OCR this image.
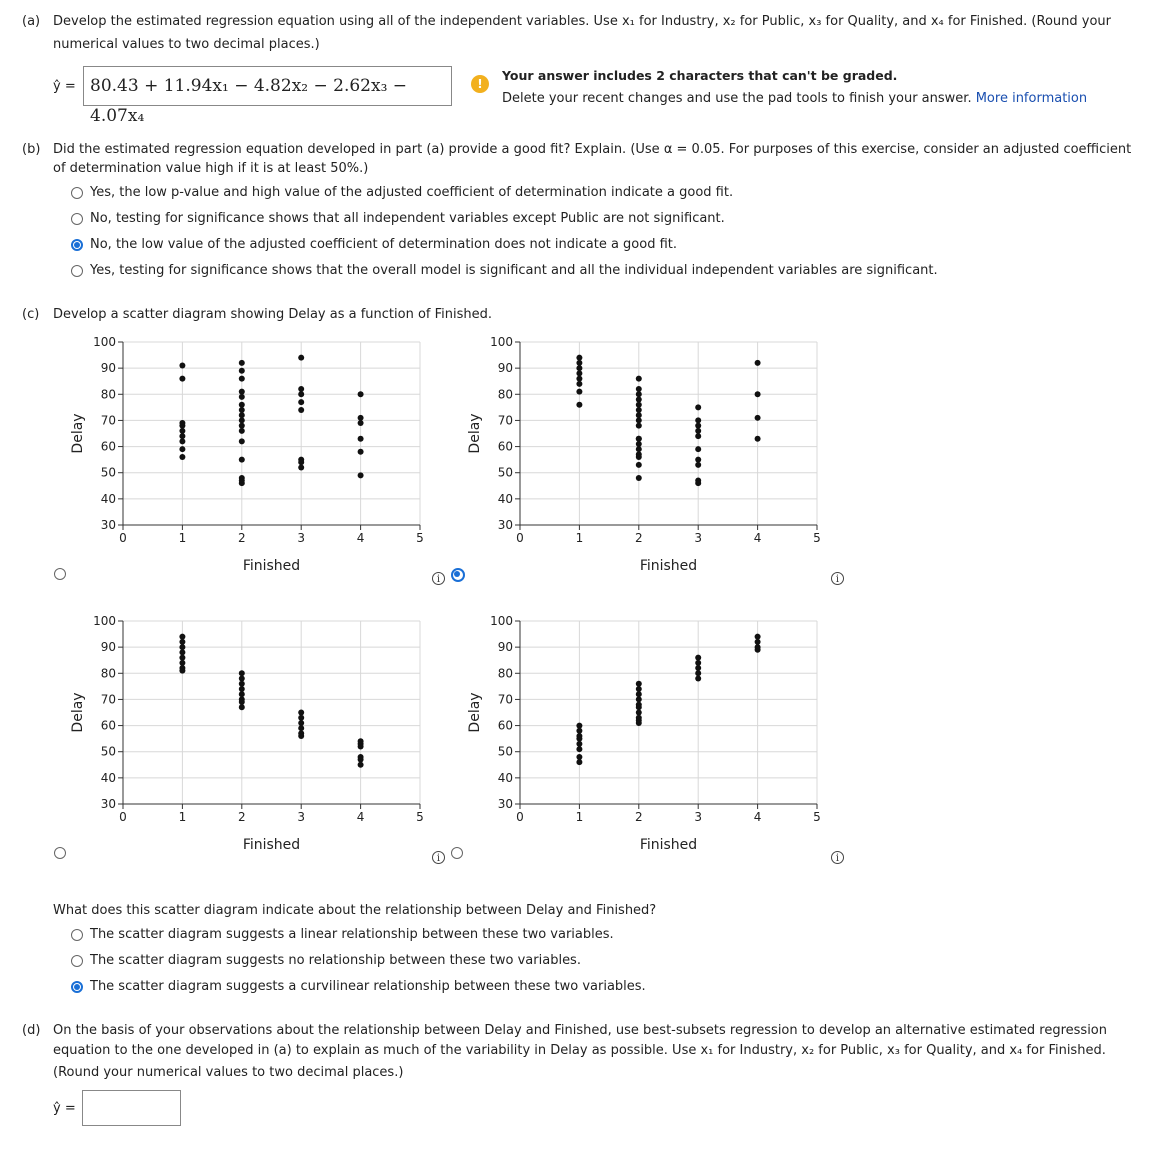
(a) Develop the estimated regression equation using all of the independent variables. Use x₁ for Industry, x₂ for Public, x₃ for Quality, and x₄ for Finished. (Round your
numerical values to two decimal places.)
ŷ = 80.43 + 11.94x₁ − 4.82x₂ − 2.62x₃ − 4.07x₄
!
Your answer includes 2 characters that can't be graded.
Delete your recent changes and use the pad tools to finish your answer. More information
(b) Did the estimated regression equation developed in part (a) provide a good fit? Explain. (Use α = 0.05. For purposes of this exercise, consider an adjusted coefficient
of determination value high if it is at least 50%.)
Yes, the low p-value and high value of the adjusted coefficient of determination indicate a good fit.
No, testing for significance shows that all independent variables except Public are not significant.
No, the low value of the adjusted coefficient of determination does not indicate a good fit.
Yes, testing for significance shows that the overall model is significant and all the individual independent variables are significant.
(c) Develop a scatter diagram showing Delay as a function of Finished.
30
40
50
60
70
80
90
100
0	1	2	3	4	5
Finished
Delay
30
40
50
60
70
80
90
100
0	1	2	3	4	5
Finished
Delay
30
40
50
60
70
80
90
100
0	1	2	3	4	5
Finished
Delay
30
40
50
60
70
80
90
100
0	1	2	3	4	5
Finished
Delay
i	i
i	i
What does this scatter diagram indicate about the relationship between Delay and Finished?
The scatter diagram suggests a linear relationship between these two variables.
The scatter diagram suggests no relationship between these two variables.
The scatter diagram suggests a curvilinear relationship between these two variables.
(d) On the basis of your observations about the relationship between Delay and Finished, use best-subsets regression to develop an alternative estimated regression
equation to the one developed in (a) to explain as much of the variability in Delay as possible. Use x₁ for Industry, x₂ for Public, x₃ for Quality, and x₄ for Finished.
(Round your numerical values to two decimal places.)
ŷ =
